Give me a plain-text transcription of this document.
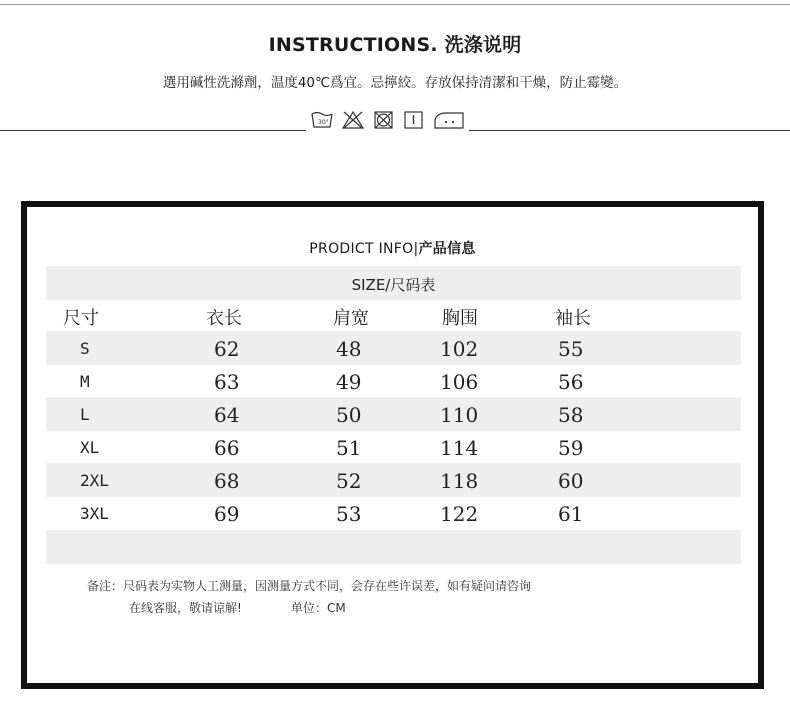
INSTRUCTIONS. 洗涤说明
選用碱性洗滌劑，温度40℃爲宜。忌擰絞。存放保持清潔和干燥，防止霉變。
30°
PRODICT INFO|产品信息
SIZE/尺码表
尺寸	衣长	肩宽	胸围	袖长
S	62	48	102	55
M	63	49	106	56
L	64	50	110	58
XL	66	51	114	59
2XL	68	52	118	60
3XL	69	53	122	61
备注：尺码表为实物人工测量，因测量方式不同，会存在些许误差，如有疑问请咨询
在线客服，敬请谅解!	单位：CM
